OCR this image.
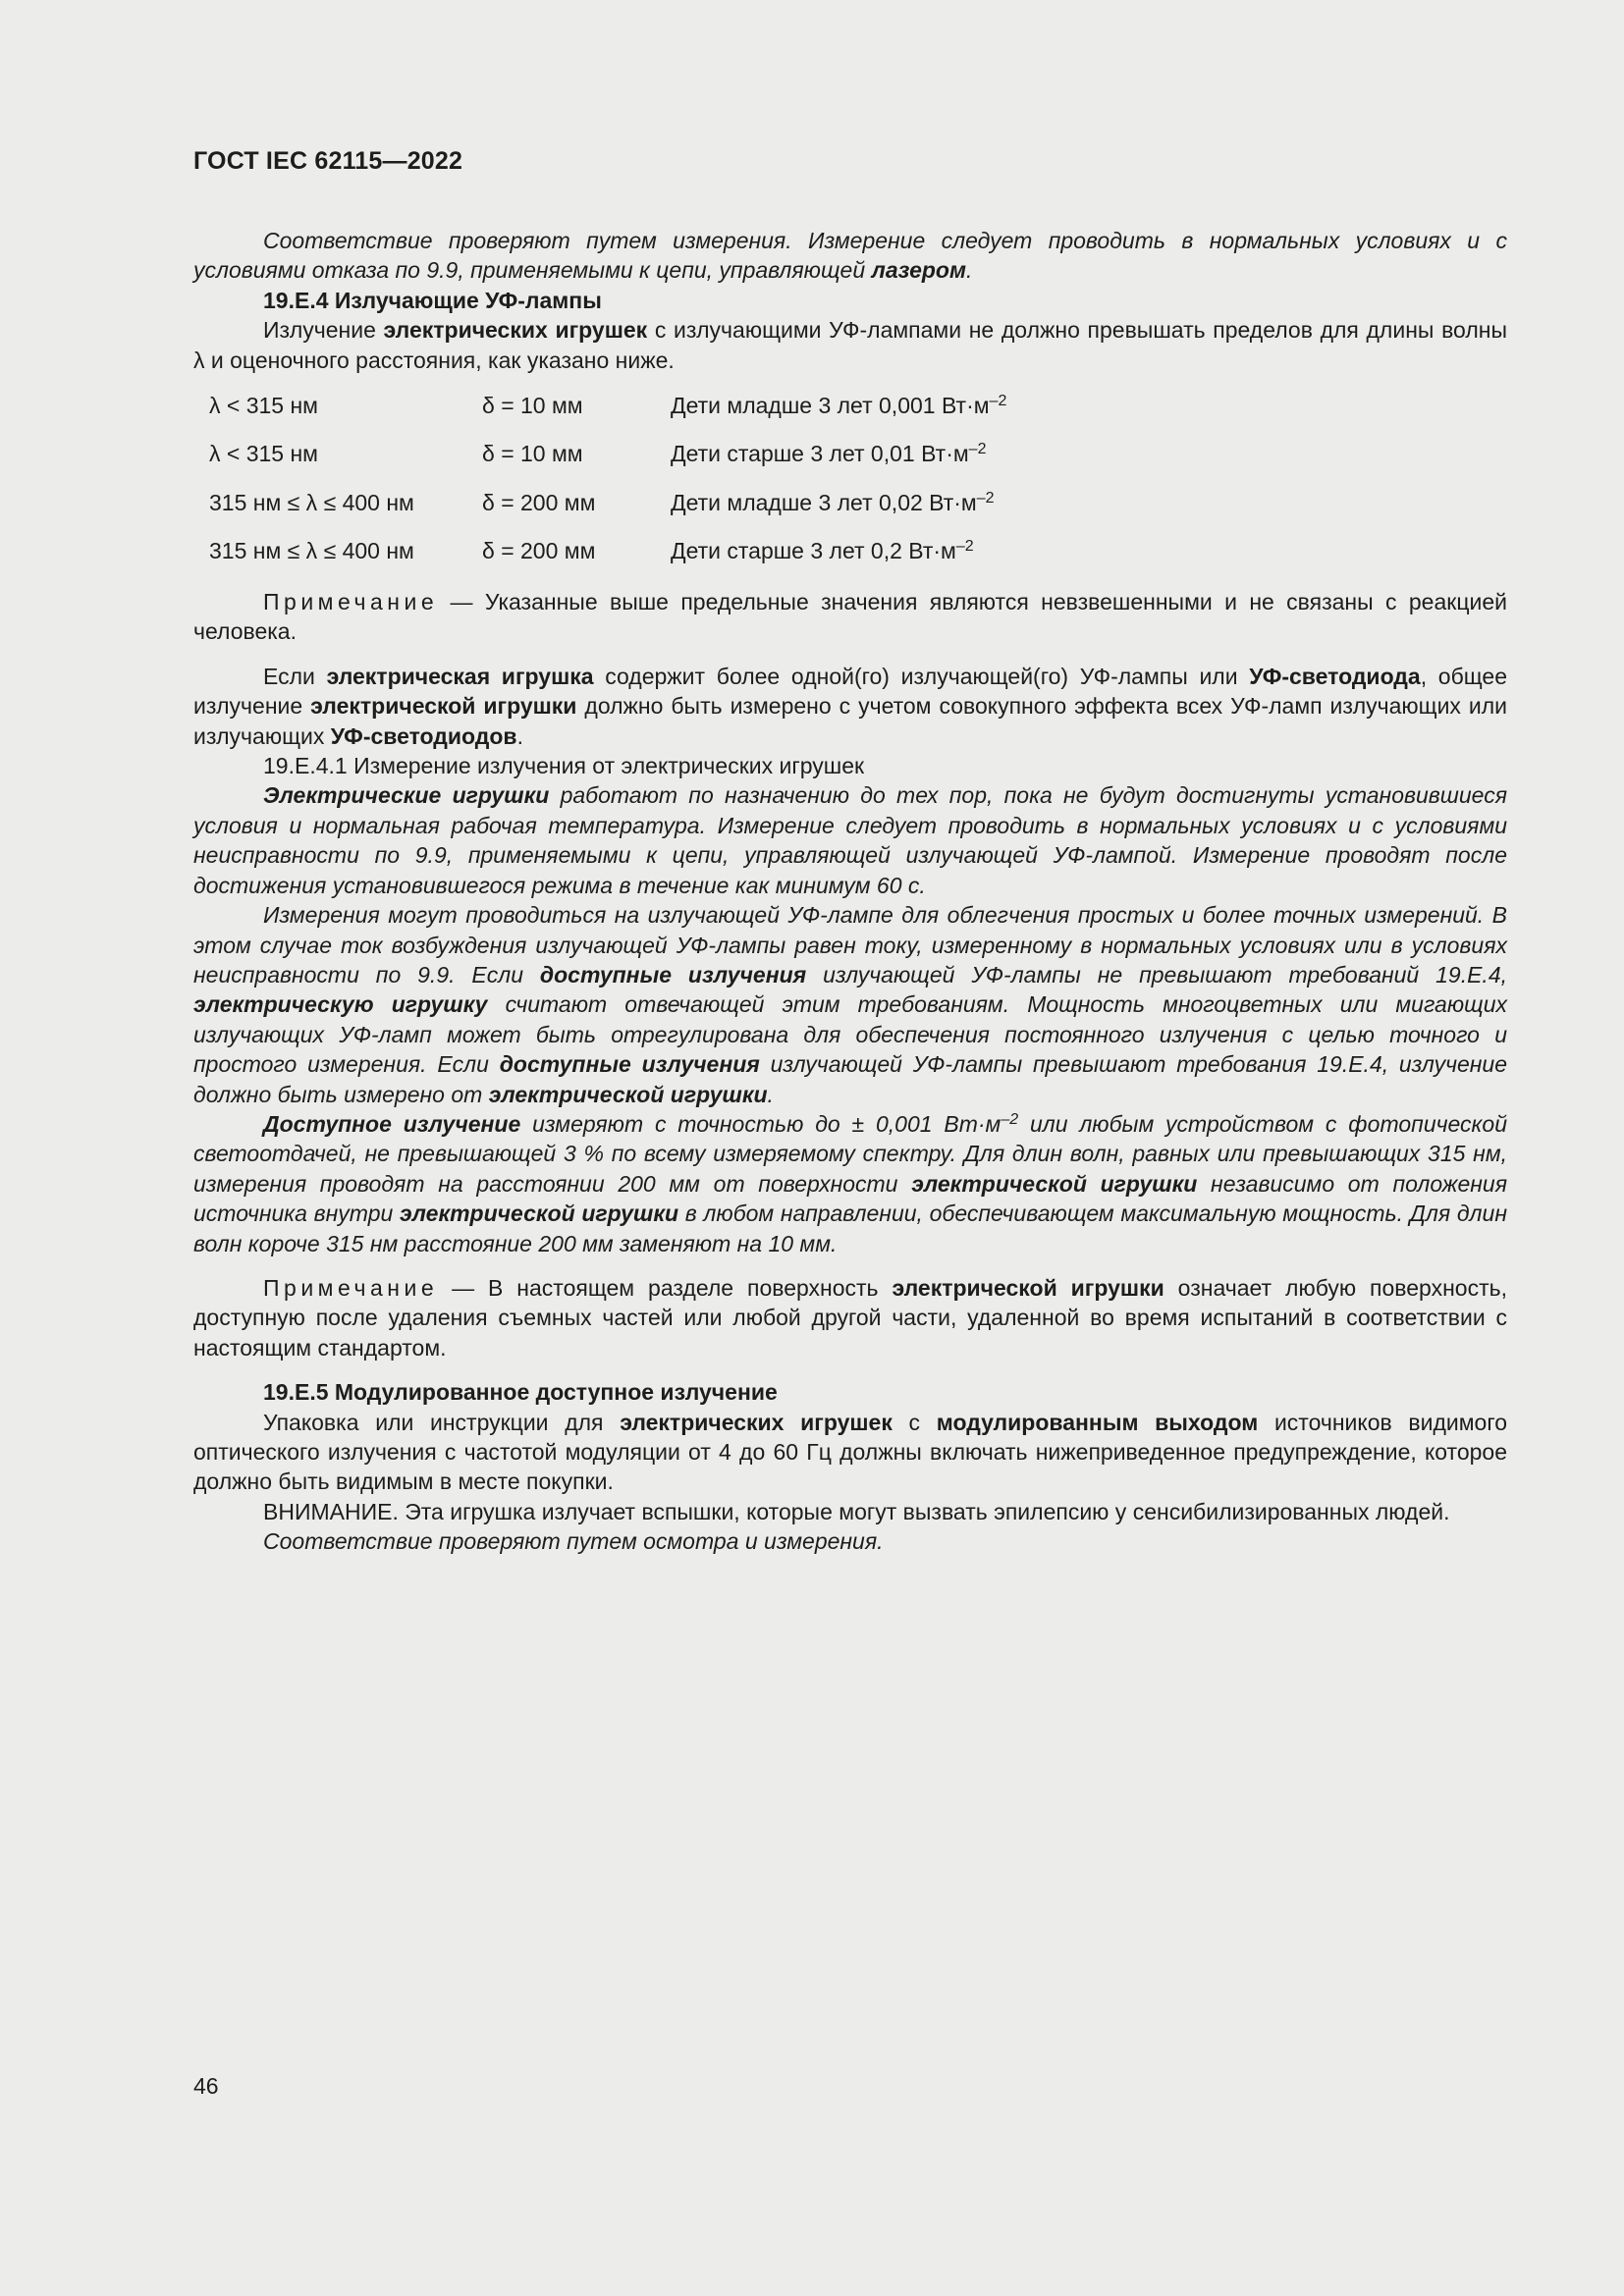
ГОСТ IEC 62115—2022

Соответствие проверяют путем измерения. Измерение следует проводить в нормальных условиях и с условиями отказа по 9.9, применяемыми к цепи, управляющей лазером.

19.Е.4 Излучающие УФ-лампы

Излучение электрических игрушек с излучающими УФ-лампами не должно превышать пределов для длины волны λ и оценочного расстояния, как указано ниже.

λ < 315 нм	δ = 10 мм	Дети младше 3 лет 0,001 $Вт\cdot м^{-2}$
λ < 315 нм	δ = 10 мм	Дети старше 3 лет 0,01 $Вт\cdot м^{-2}$
315 нм ≤ λ ≤ 400 нм	δ = 200 мм	Дети младше 3 лет 0,02 $Вт\cdot м^{-2}$
315 нм ≤ λ ≤ 400 нм	δ = 200 мм	Дети старше 3 лет 0,2 $Вт\cdot м^{-2}$

Примечание — Указанные выше предельные значения являются невзвешенными и не связаны с реакцией человека.

Если электрическая игрушка содержит более одной(го) излучающей(го) УФ-лампы или УФ-светодиода, общее излучение электрической игрушки должно быть измерено с учетом совокупного эффекта всех УФ-ламп излучающих или излучающих УФ-светодиодов.

19.Е.4.1 Измерение излучения от электрических игрушек

Электрические игрушки работают по назначению до тех пор, пока не будут достигнуты установившиеся условия и нормальная рабочая температура. Измерение следует проводить в нормальных условиях и с условиями неисправности по 9.9, применяемыми к цепи, управляющей излучающей УФ-лампой. Измерение проводят после достижения установившегося режима в течение как минимум 60 с.

Измерения могут проводиться на излучающей УФ-лампе для облегчения простых и более точных измерений. В этом случае ток возбуждения излучающей УФ-лампы равен току, измеренному в нормальных условиях или в условиях неисправности по 9.9. Если доступные излучения излучающей УФ-лампы не превышают требований 19.Е.4, электрическую игрушку считают отвечающей этим требованиям. Мощность многоцветных или мигающих излучающих УФ-ламп может быть отрегулирована для обеспечения постоянного излучения с целью точного и простого измерения. Если доступные излучения излучающей УФ-лампы превышают требования 19.Е.4, излучение должно быть измерено от электрической игрушки.

Доступное излучение измеряют с точностью до ± 0,001 $Вт\cdot м^{-2}$ или любым устройством с фотопической светоотдачей, не превышающей 3 % по всему измеряемому спектру. Для длин волн, равных или превышающих 315 нм, измерения проводят на расстоянии 200 мм от поверхности электрической игрушки независимо от положения источника внутри электрической игрушки в любом направлении, обеспечивающем максимальную мощность. Для длин волн короче 315 нм расстояние 200 мм заменяют на 10 мм.

Примечание — В настоящем разделе поверхность электрической игрушки означает любую поверхность, доступную после удаления съемных частей или любой другой части, удаленной во время испытаний в соответствии с настоящим стандартом.

19.Е.5 Модулированное доступное излучение

Упаковка или инструкции для электрических игрушек с модулированным выходом источников видимого оптического излучения с частотой модуляции от 4 до 60 Гц должны включать нижеприведенное предупреждение, которое должно быть видимым в месте покупки.

ВНИМАНИЕ. Эта игрушка излучает вспышки, которые могут вызвать эпилепсию у сенсибилизированных людей.

Соответствие проверяют путем осмотра и измерения.

46
